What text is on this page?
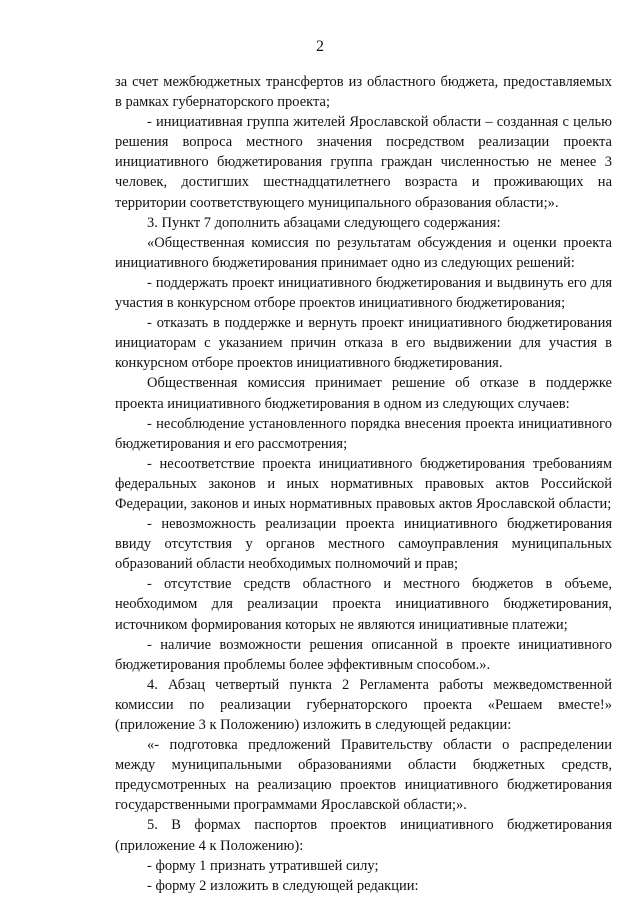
2

за счет межбюджетных трансфертов из областного бюджета, предоставляемых в рамках губернаторского проекта;

- инициативная группа жителей Ярославской области – созданная с целью решения вопроса местного значения посредством реализации проекта инициативного бюджетирования группа граждан численностью не менее 3 человек, достигших шестнадцатилетнего возраста и проживающих на территории соответствующего муниципального образования области;».

3. Пункт 7 дополнить абзацами следующего содержания:

«Общественная комиссия по результатам обсуждения и оценки проекта инициативного бюджетирования принимает одно из следующих решений:

- поддержать проект инициативного бюджетирования и выдвинуть его для участия в конкурсном отборе проектов инициативного бюджетирования;

- отказать в поддержке и вернуть проект инициативного бюджетирования инициаторам с указанием причин отказа в его выдвижении для участия в конкурсном отборе проектов инициативного бюджетирования.

Общественная комиссия принимает решение об отказе в поддержке проекта инициативного бюджетирования в одном из следующих случаев:

- несоблюдение установленного порядка внесения проекта инициативного бюджетирования и его рассмотрения;

- несоответствие проекта инициативного бюджетирования требованиям федеральных законов и иных нормативных правовых актов Российской Федерации, законов и иных нормативных правовых актов Ярославской области;

- невозможность реализации проекта инициативного бюджетирования ввиду отсутствия у органов местного самоуправления муниципальных образований области необходимых полномочий и прав;

- отсутствие средств областного и местного бюджетов в объеме, необходимом для реализации проекта инициативного бюджетирования, источником формирования которых не являются инициативные платежи;

- наличие возможности решения описанной в проекте инициативного бюджетирования проблемы более эффективным способом.».

4. Абзац четвертый пункта 2 Регламента работы межведомственной комиссии по реализации губернаторского проекта «Решаем вместе!» (приложение 3 к Положению) изложить в следующей редакции:

«- подготовка предложений Правительству области о распределении между муниципальными образованиями области бюджетных средств, предусмотренных на реализацию проектов инициативного бюджетирования государственными программами Ярославской области;».

5. В формах паспортов проектов инициативного бюджетирования (приложение 4 к Положению):

- форму 1 признать утратившей силу;

- форму 2 изложить в следующей редакции:
